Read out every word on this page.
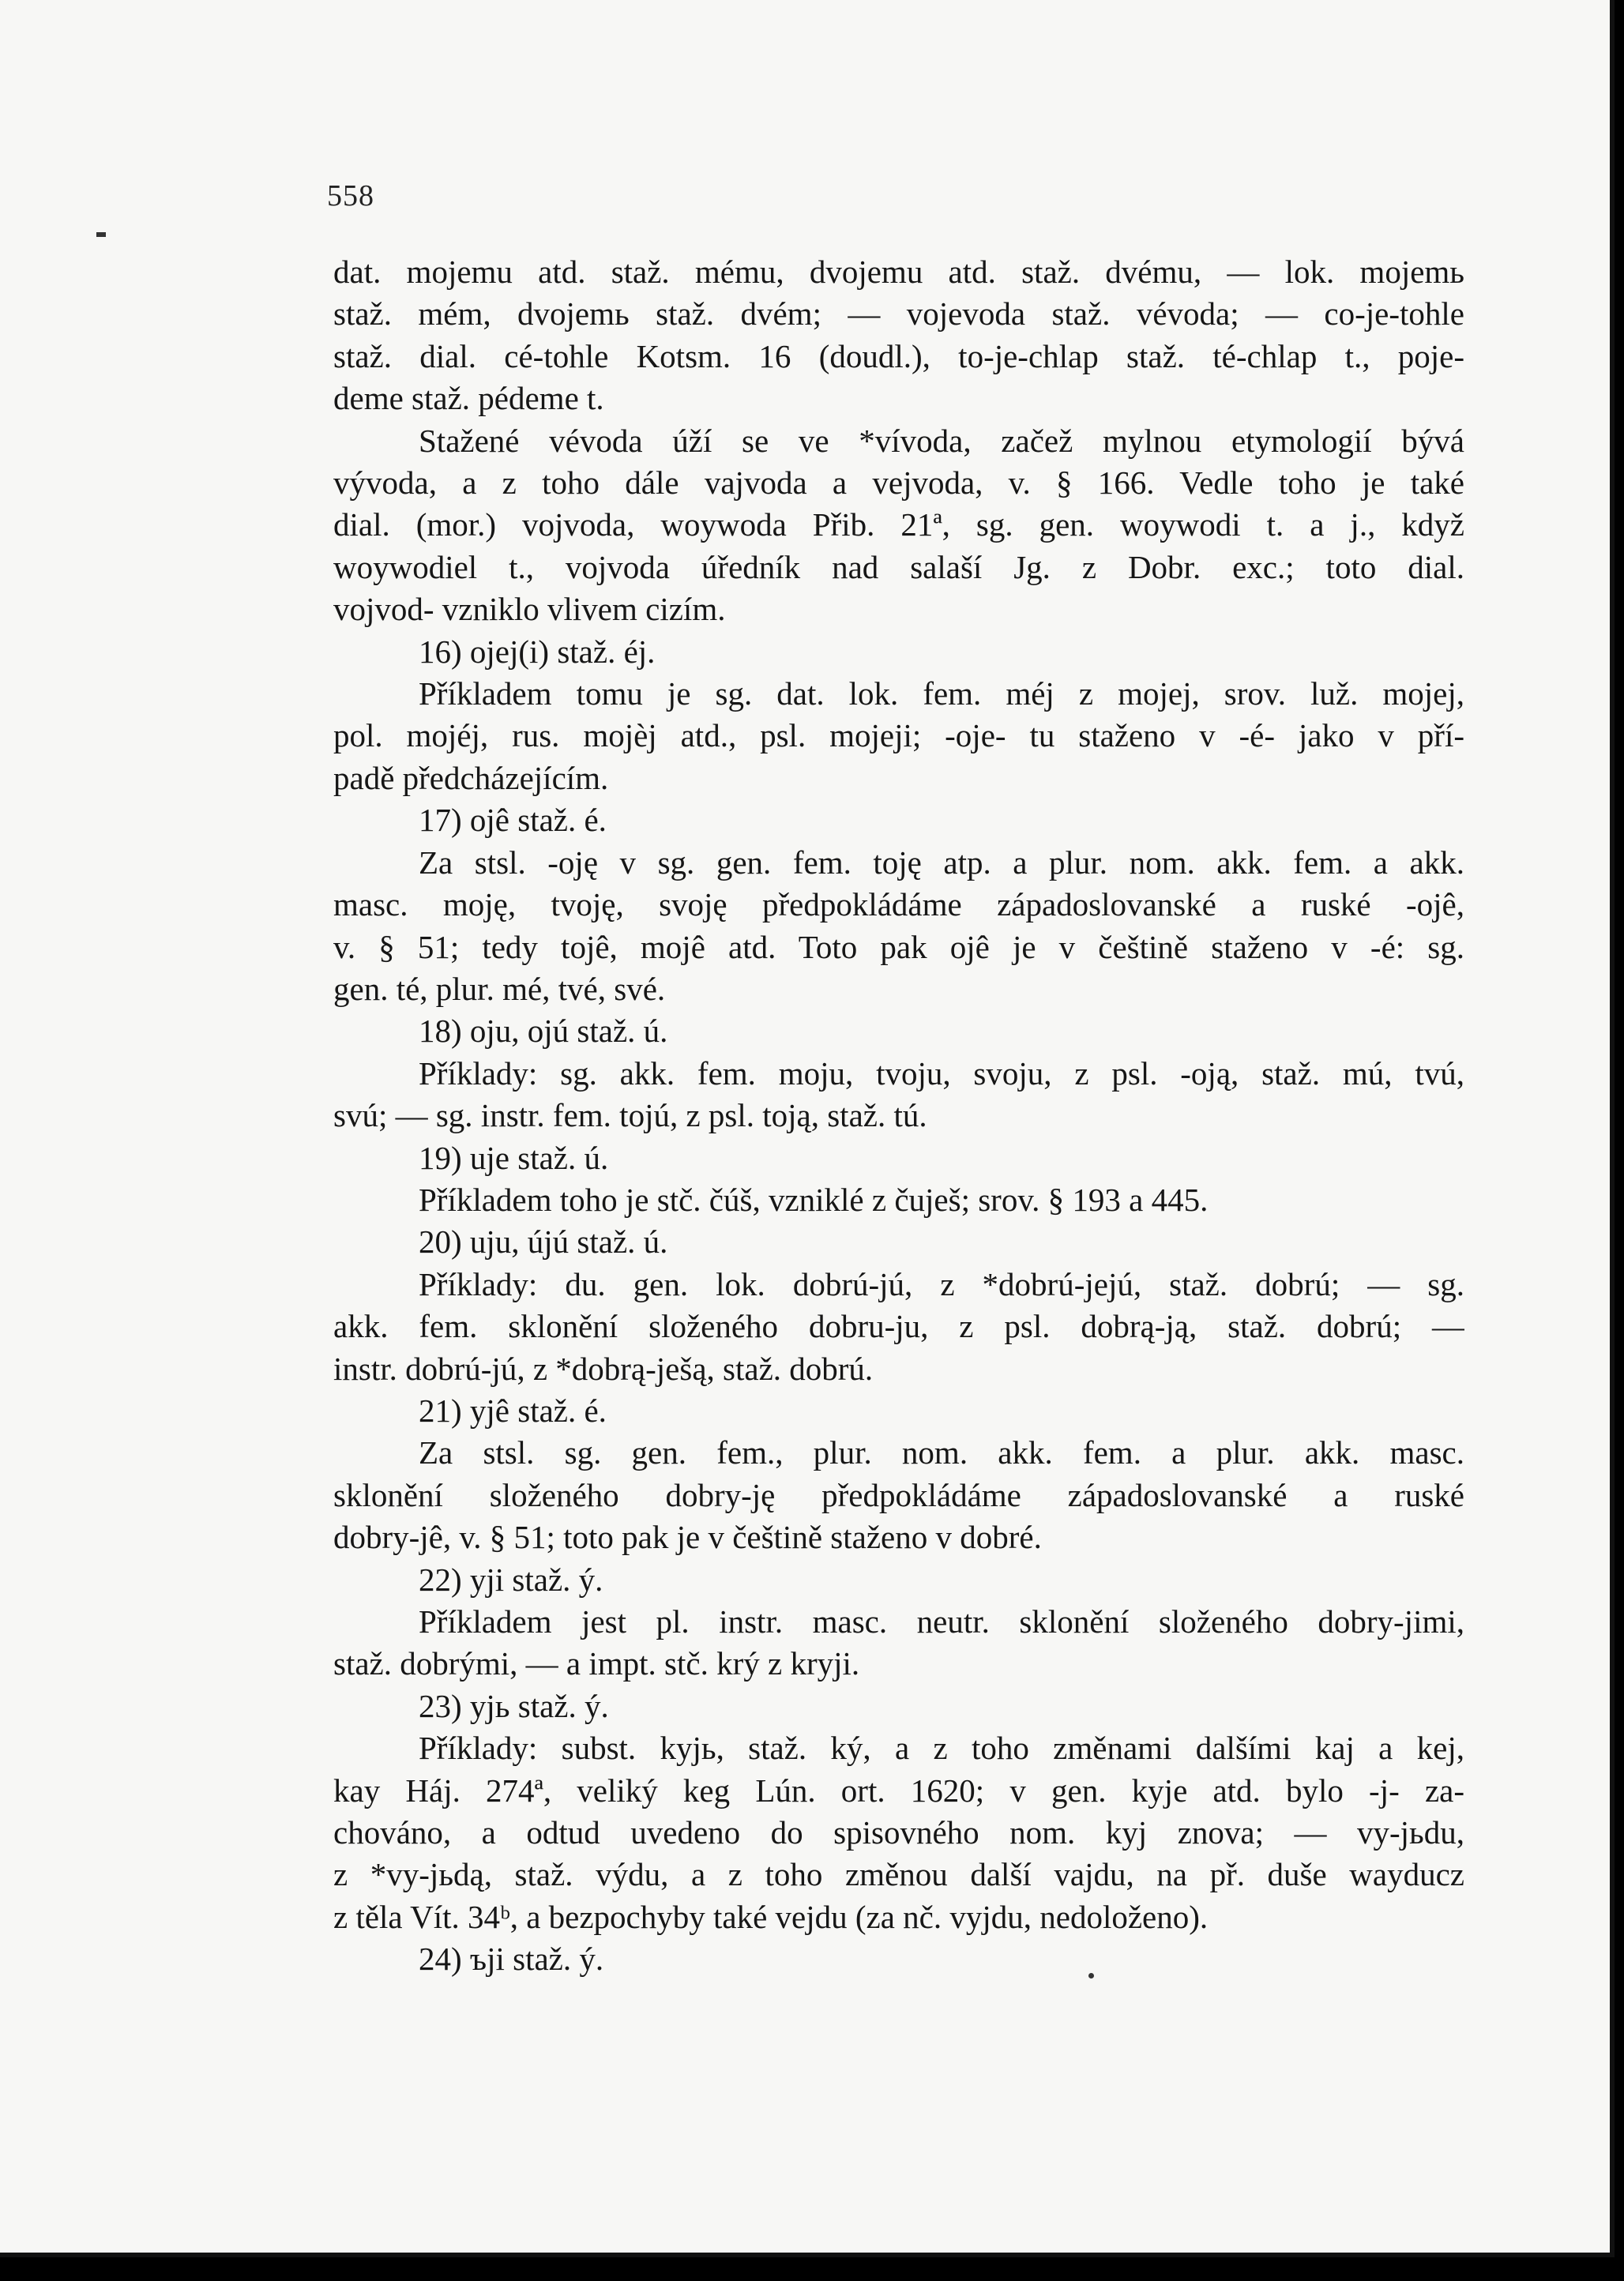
558
dat. mojemu atd. staž. mému, dvojemu atd. staž. dvému, — lok. mojemь
staž. mém, dvojemь staž. dvém; — vojevoda staž. vévoda; — co-je-tohle
staž. dial. cé-tohle Kotsm. 16 (doudl.), to-je-chlap staž. té-chlap t., poje-
deme staž. pédeme t.
Stažené vévoda úží se ve *vívoda, začež mylnou etymologií bývá
vývoda, a z toho dále vajvoda a vejvoda, v. § 166. Vedle toho je také
dial. (mor.) vojvoda, woywoda Přib. 21ª, sg. gen. woywodi t. a j., když
woywodiel t., vojvoda úředník nad salaší Jg. z Dobr. exc.; toto dial.
vojvod- vzniklo vlivem cizím.
16) ojej(i) staž. éj.
Příkladem tomu je sg. dat. lok. fem. méj z mojej, srov. luž. mojej,
pol. mojéj, rus. mojèj atd., psl. mojeji; -oje- tu staženo v -é- jako v pří-
padě předcházejícím.
17) ojê staž. é.
Za stsl. -oję v sg. gen. fem. toję atp. a plur. nom. akk. fem. a akk.
masc. moję, tvoję, svoję předpokládáme západoslovanské a ruské -ojê,
v. § 51; tedy tojê, mojê atd. Toto pak ojê je v češtině staženo v -é: sg.
gen. té, plur. mé, tvé, své.
18) oju, ojú staž. ú.
Příklady: sg. akk. fem. moju, tvoju, svoju, z psl. -oją, staž. mú, tvú,
svú; — sg. instr. fem. tojú, z psl. toją, staž. tú.
19) uje staž. ú.
Příkladem toho je stč. čúš, vzniklé z čuješ; srov. § 193 a 445.
20) uju, újú staž. ú.
Příklady: du. gen. lok. dobrú-jú, z *dobrú-jejú, staž. dobrú; — sg.
akk. fem. sklonění složeného dobru-ju, z psl. dobrą-ją, staž. dobrú; —
instr. dobrú-jú, z *dobrą-ješą, staž. dobrú.
21) yjê staž. é.
Za stsl. sg. gen. fem., plur. nom. akk. fem. a plur. akk. masc.
sklonění složeného dobry-ję předpokládáme západoslovanské a ruské
dobry-jê, v. § 51; toto pak je v češtině staženo v dobré.
22) yji staž. ý.
Příkladem jest pl. instr. masc. neutr. sklonění složeného dobry-jimi,
staž. dobrými, — a impt. stč. krý z kryji.
23) yjь staž. ý.
Příklady: subst. kyjь, staž. ký, a z toho změnami dalšími kaj a kej,
kay Háj. 274ª, veliký keg Lún. ort. 1620; v gen. kyje atd. bylo -j- za-
chováno, a odtud uvedeno do spisovného nom. kyj znova; — vy-jьdu,
z *vy-jьdą, staž. výdu, a z toho změnou další vajdu, na př. duše wayducz
z těla Vít. 34ᵇ, a bezpochyby také vejdu (za nč. vyjdu, nedoloženo).
24) ъji staž. ý.
